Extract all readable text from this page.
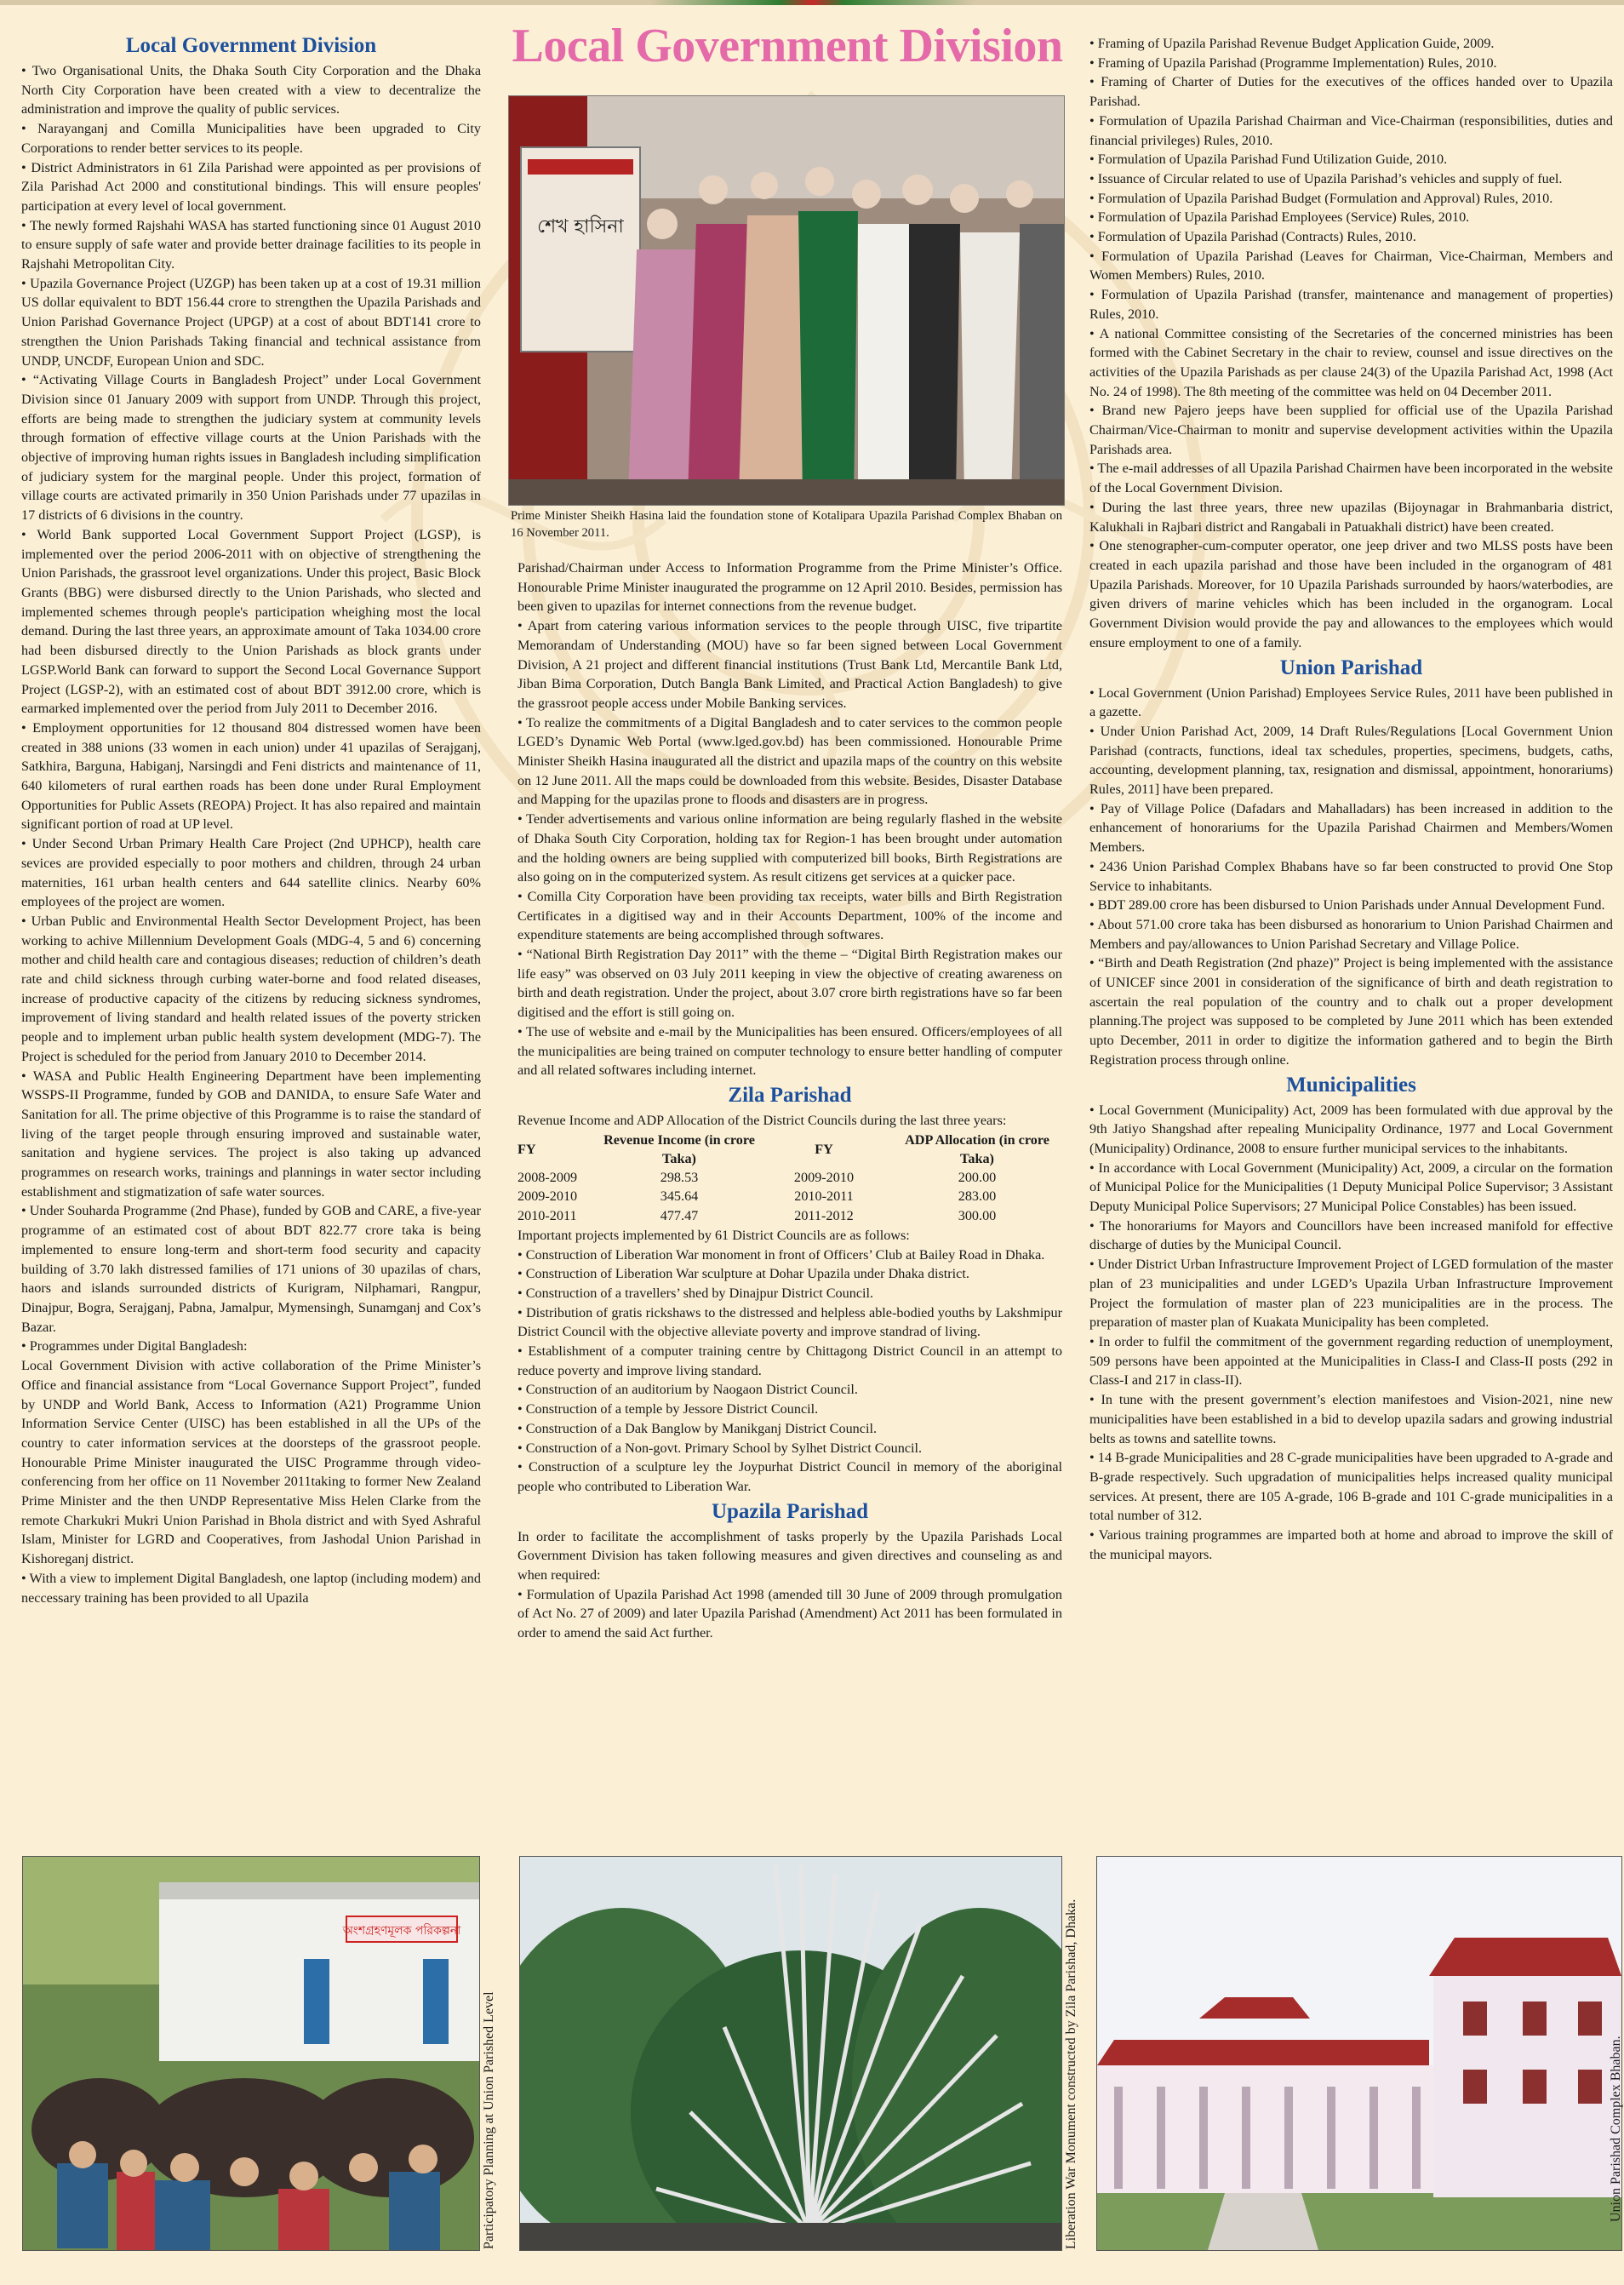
Local Government Division
Local Government Division

• Two Organisational Units, the Dhaka South City Corporation and the Dhaka North City Corporation have been created with a view to decentralize the administration and improve the quality of public services.

• Narayanganj and Comilla Municipalities have been upgraded to City Corporations to render better services to its people.

• District Administrators in 61 Zila Parishad were appointed as per provisions of Zila Parishad Act 2000 and constitutional bindings. This will ensure peoples' participation at every level of local government.

• The newly formed Rajshahi WASA has started functioning since 01 August 2010 to ensure supply of safe water and provide better drainage facilities to its people in Rajshahi Metropolitan City.

• Upazila Governance Project (UZGP) has been taken up at a cost of 19.31 million US dollar equivalent to BDT 156.44 crore to strengthen the Upazila Parishads and Union Parishad Governance Project (UPGP) at a cost of about BDT141 crore to strengthen the Union Parishads Taking financial and technical assistance from UNDP, UNCDF, European Union and SDC.

• “Activating Village Courts in Bangladesh Project” under Local Government Division since 01 January 2009 with support from UNDP. Through this project, efforts are being made to strengthen the judiciary system at community levels through formation of effective village courts at the Union Parishads with the objective of improving human rights issues in Bangladesh including simplification of judiciary system for the marginal people. Under this project, formation of village courts are activated primarily in 350 Union Parishads under 77 upazilas in 17 districts of 6 divisions in the country.

• World Bank supported Local Government Support Project (LGSP), is implemented over the period 2006-2011 with on objective of strengthening the Union Parishads, the grassroot level organizations. Under this project, Basic Block Grants (BBG) were disbursed directly to the Union Parishads, who slected and implemented schemes through people's participation wheighing most the local demand. During the last three years, an approximate amount of Taka 1034.00 crore had been disbursed directly to the Union Parishads as block grants under LGSP.World Bank can forward to support the Second Local Governance Support Project (LGSP-2), with an estimated cost of about BDT 3912.00 crore, which is earmarked implemented over the period from July 2011 to December 2016.

• Employment opportunities for 12 thousand 804 distressed women have been created in 388 unions (33 women in each union) under 41 upazilas of Serajganj, Satkhira, Barguna, Habiganj, Narsingdi and Feni districts and maintenance of 11, 640 kilometers of rural earthen roads has been done under Rural Employment Opportunities for Public Assets (REOPA) Project. It has also repaired and maintain significant portion of road at UP level.

• Under Second Urban Primary Health Care Project (2nd UPHCP), health care sevices are provided especially to poor mothers and children, through 24 urban maternities, 161 urban health centers and 644 satellite clinics. Nearby 60% employees of the project are women.

• Urban Public and Environmental Health Sector Development Project, has been working to achive Millennium Development Goals (MDG-4, 5 and 6) concerning mother and child health care and contagious diseases; reduction of children’s death rate and child sickness through curbing water-borne and food related diseases, increase of productive capacity of the citizens by reducing sickness syndromes, improvement of living standard and health related issues of the poverty stricken people and to implement urban public health system development (MDG-7). The Project is scheduled for the period from January 2010 to December 2014.

• WASA and Public Health Engineering Department have been implementing WSSPS-II Programme, funded by GOB and DANIDA, to ensure Safe Water and Sanitation for all. The prime objective of this Programme is to raise the standard of living of the target people through ensuring improved and sustainable water, sanitation and hygiene services. The project is also taking up advanced programmes on research works, trainings and plannings in water sector including establishment and stigmatization of safe water sources.

• Under Souharda Programme (2nd Phase), funded by GOB and CARE, a five-year programme of an estimated cost of about BDT 822.77 crore taka is being implemented to ensure long-term and short-term food security and capacity building of 3.70 lakh distressed families of 171 unions of 30 upazilas of chars, haors and islands surrounded districts of Kurigram, Nilphamari, Rangpur, Dinajpur, Bogra, Serajganj, Pabna, Jamalpur, Mymensingh, Sunamganj and Cox’s Bazar.

• Programmes under Digital Bangladesh:

Local Government Division with active collaboration of the Prime Minister’s Office and financial assistance from “Local Governance Support Project”, funded by UNDP and World Bank, Access to Information (A21) Programme Union Information Service Center (UISC) has been established in all the UPs of the country to cater information services at the doorsteps of the grassroot people. Honourable Prime Minister inaugurated the UISC Programme through video-conferencing from her office on 11 November 2011taking to former New Zealand Prime Minister and the then UNDP Representative Miss Helen Clarke from the remote Charkukri Mukri Union Parishad in Bhola district and with Syed Ashraful Islam, Minister for LGRD and Cooperatives, from Jashodal Union Parishad in Kishoreganj district.

• With a view to implement Digital Bangladesh, one laptop (including modem) and neccessary training has been provided to all Upazila

শেখ হাসিনা
Prime Minister Sheikh Hasina laid the foundation stone of Kotalipara Upazila Parishad Complex Bhaban on 16 November 2011.

Parishad/Chairman under Access to Information Programme from the Prime Minister’s Office. Honourable Prime Minister inaugurated the programme on 12 April 2010. Besides, permission has been given to upazilas for internet connections from the revenue budget.

• Apart from catering various information services to the people through UISC, five tripartite Memorandam of Understanding (MOU) have so far been signed between Local Government Division, A 21 project and different financial institutions (Trust Bank Ltd, Mercantile Bank Ltd, Jiban Bima Corporation, Dutch Bangla Bank Limited, and Practical Action Bangladesh) to give the grassroot people access under Mobile Banking services.

• To realize the commitments of a Digital Bangladesh and to cater services to the common people LGED’s Dynamic Web Portal (www.lged.gov.bd) has been commissioned. Honourable Prime Minister Sheikh Hasina inaugurated all the district and upazila maps of the country on this website on 12 June 2011. All the maps could be downloaded from this website. Besides, Disaster Database and Mapping for the upazilas prone to floods and disasters are in progress.

• Tender advertisements and various online information are being regularly flashed in the website of Dhaka South City Corporation, holding tax for Region-1 has been brought under automation and the holding owners are being supplied with computerized bill books, Birth Registrations are also going on in the computerized system. As result citizens get services at a quicker pace.

• Comilla City Corporation have been providing tax receipts, water bills and Birth Registration Certificates in a digitised way and in their Accounts Department, 100% of the income and expenditure statements are being accomplished through softwares.

• “National Birth Registration Day 2011” with the theme – “Digital Birth Registration makes our life easy” was observed on 03 July 2011 keeping in view the objective of creating awareness on birth and death registration. Under the project, about 3.07 crore birth registrations have so far been digitised and the effort is still going on.

• The use of website and e-mail by the Municipalities has been ensured. Officers/employees of all the municipalities are being trained on computer technology to ensure better handling of computer and all related softwares including internet.

Zila Parishad

Revenue Income and ADP Allocation of the District Councils during the last three years:

FY	Revenue Income (in crore Taka)	FY	ADP Allocation (in crore Taka)
2008-2009	298.53	2009-2010	200.00
2009-2010	345.64	2010-2011	283.00
2010-2011	477.47	2011-2012	300.00

Important projects implemented by 61 District Councils are as follows:

• Construction of Liberation War monoment in front of Officers’ Club at Bailey Road in Dhaka.

• Construction of Liberation War sculpture at Dohar Upazila under Dhaka district.

• Construction of a travellers’ shed by Dinajpur District Council.

• Distribution of gratis rickshaws to the distressed and helpless able-bodied youths by Lakshmipur District Council with the objective alleviate poverty and improve standrad of living.

• Establishment of a computer training centre by Chittagong District Council in an attempt to reduce poverty and improve living standard.

• Construction of an auditorium by Naogaon District Council.

• Construction of a temple by Jessore District Council.

• Construction of a Dak Banglow by Manikganj District Council.

• Construction of a Non-govt. Primary School by Sylhet District Council.

• Construction of a sculpture ley the Joypurhat District Council in memory of the aboriginal people who contributed to Liberation War.

Upazila Parishad

In order to facilitate the accomplishment of tasks properly by the Upazila Parishads Local Government Division has taken following measures and given directives and counseling as and when required:

• Formulation of Upazila Parishad Act 1998 (amended till 30 June of 2009 through promulgation of Act No. 27 of 2009) and later Upazila Parishad (Amendment) Act 2011 has been formulated in order to amend the said Act further.

• Framing of Upazila Parishad Revenue Budget Application Guide, 2009.

• Framing of Upazila Parishad (Programme Implementation) Rules, 2010.

• Framing of Charter of Duties for the executives of the offices handed over to Upazila Parishad.

• Formulation of Upazila Parishad Chairman and Vice-Chairman (responsibilities, duties and financial privileges) Rules, 2010.

• Formulation of Upazila Parishad Fund Utilization Guide, 2010.

• Issuance of Circular related to use of Upazila Parishad’s vehicles and supply of fuel.

• Formulation of Upazila Parishad Budget (Formulation and Approval) Rules, 2010.

• Formulation of Upazila Parishad Employees (Service) Rules, 2010.

• Formulation of Upazila Parishad (Contracts) Rules, 2010.

• Formulation of Upazila Parishad (Leaves for Chairman, Vice-Chairman, Members and Women Members) Rules, 2010.

• Formulation of Upazila Parishad (transfer, maintenance and management of properties) Rules, 2010.

• A national Committee consisting of the Secretaries of the concerned ministries has been formed with the Cabinet Secretary in the chair to review, counsel and issue directives on the activities of the Upazila Parishads as per clause 24(3) of the Upazila Parishad Act, 1998 (Act No. 24 of 1998). The 8th meeting of the committee was held on 04 December 2011.

• Brand new Pajero jeeps have been supplied for official use of the Upazila Parishad Chairman/Vice-Chairman to monitr and supervise development activities within the Upazila Parishads area.

• The e-mail addresses of all Upazila Parishad Chairmen have been incorporated in the website of the Local Government Division.

• During the last three years, three new upazilas (Bijoynagar in Brahmanbaria district, Kalukhali in Rajbari district and Rangabali in Patuakhali district) have been created.

• One stenographer-cum-computer operator, one jeep driver and two MLSS posts have been created in each upazila parishad and those have been included in the organogram of 481 Upazila Parishads. Moreover, for 10 Upazila Parishads surrounded by haors/waterbodies, are given drivers of marine vehicles which has been included in the organogram. Local Government Division would provide the pay and allowances to the employees which would ensure employment to one of a family.

Union Parishad

• Local Government (Union Parishad) Employees Service Rules, 2011 have been published in a gazette.

• Under Union Parishad Act, 2009, 14 Draft Rules/Regulations [Local Government Union Parishad (contracts, functions, ideal tax schedules, properties, specimens, budgets, caths, accounting, development planning, tax, resignation and dismissal, appointment, honorariums) Rules, 2011] have been prepared.

• Pay of Village Police (Dafadars and Mahalladars) has been increased in addition to the enhancement of honorariums for the Upazila Parishad Chairmen and Members/Women Members.

• 2436 Union Parishad Complex Bhabans have so far been constructed to provid One Stop Service to inhabitants.

• BDT 289.00 crore has been disbursed to Union Parishads under Annual Development Fund.

• About 571.00 crore taka has been disbursed as honorarium to Union Parishad Chairmen and Members and pay/allowances to Union Parishad Secretary and Village Police.

• “Birth and Death Registration (2nd phaze)” Project is being implemented with the assistance of UNICEF since 2001 in consideration of the significance of birth and death registration to ascertain the real population of the country and to chalk out a proper development planning.The project was supposed to be completed by June 2011 which has been extended upto December, 2011 in order to digitize the information gathered and to begin the Birth Registration process through online.

Municipalities

• Local Government (Municipality) Act, 2009 has been formulated with due approval by the 9th Jatiyo Shangshad after repealing Municipality Ordinance, 1977 and Local Government (Municipality) Ordinance, 2008 to ensure further municipal services to the inhabitants.

• In accordance with Local Government (Municipality) Act, 2009, a circular on the formation of Municipal Police for the Municipalities (1 Deputy Municipal Police Supervisor; 3 Assistant Deputy Municipal Police Supervisors; 27 Municipal Police Constables) has been issued.

• The honorariums for Mayors and Councillors have been increased manifold for effective discharge of duties by the Municipal Council.

• Under District Urban Infrastructure Improvement Project of LGED formulation of the master plan of 23 municipalities and under LGED’s Upazila Urban Infrastructure Improvement Project the formulation of master plan of 223 municipalities are in the process. The preparation of master plan of Kuakata Municipality has been completed.

• In order to fulfil the commitment of the government regarding reduction of unemployment, 509 persons have been appointed at the Municipalities in Class-I and Class-II posts (292 in Class-I and 217 in class-II).

• In tune with the present government’s election manifestoes and Vision-2021, nine new municipalities have been established in a bid to develop upazila sadars and growing industrial belts as towns and satellite towns.

• 14 B-grade Municipalities and 28 C-grade municipalities have been upgraded to A-grade and B-grade respectively. Such upgradation of municipalities helps increased quality municipal services. At present, there are 105 A-grade, 106 B-grade and 101 C-grade municipalities in a total number of 312.

• Various training programmes are imparted both at home and abroad to improve the skill of the municipal mayors.

অংশগ্রহণমূলক পরিকল্পনা
Participatory Planning at Union Parished Level	Liberation War Monument constructed by Zila Parishad, Dhaka.	Union Parishad Complex Bhaban.
